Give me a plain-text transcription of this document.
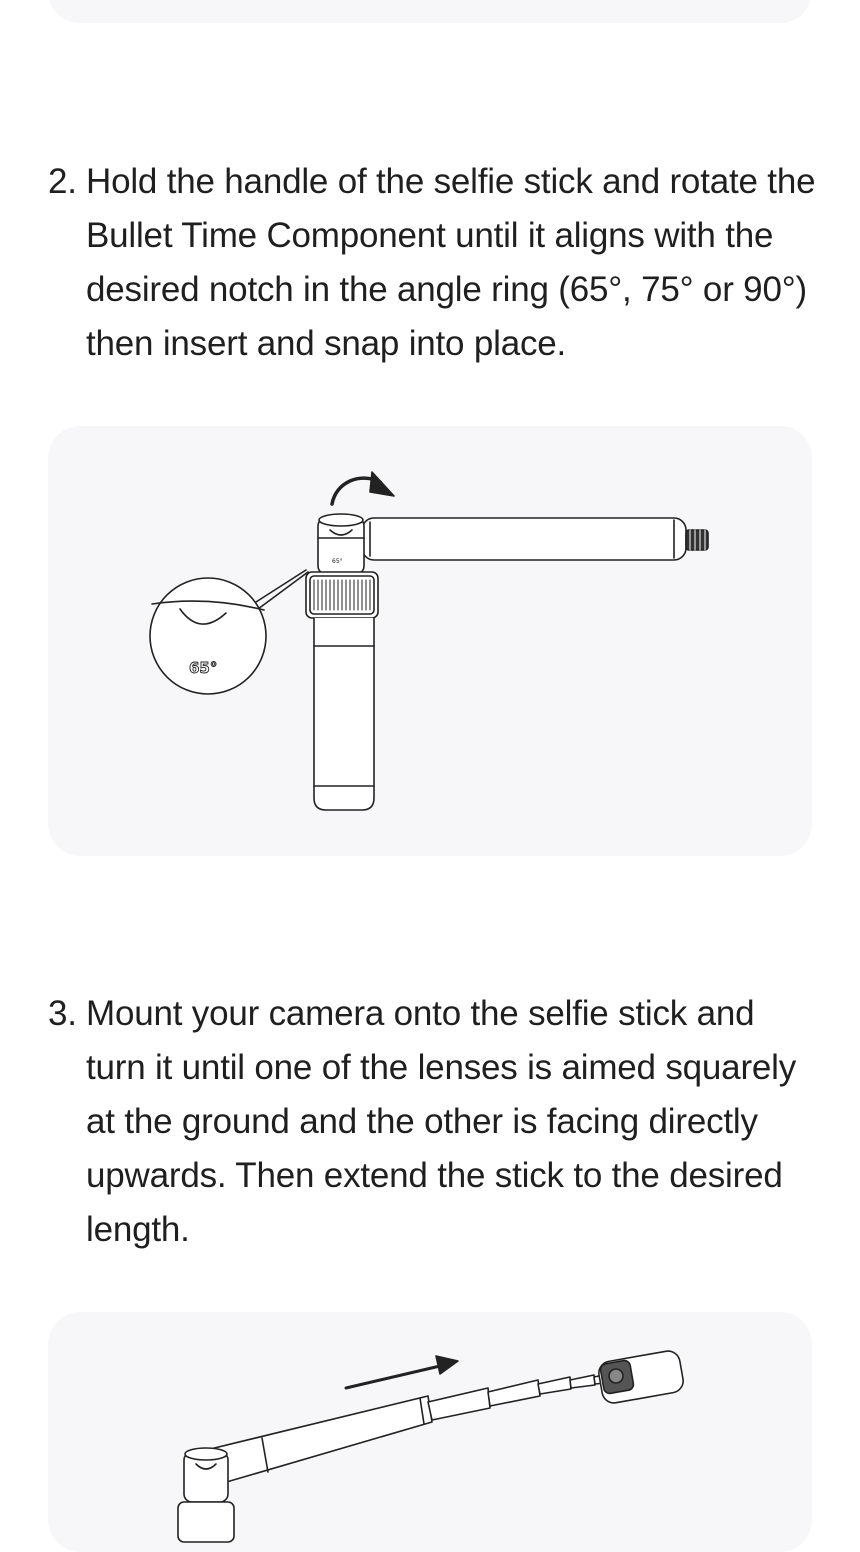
2. Hold the handle of the selfie stick and rotate the Bullet Time Component until it aligns with the desired notch in the angle ring (65°, 75° or 90°) then insert and snap into place.
65°
65°
3. Mount your camera onto the selfie stick and turn it until one of the lenses is aimed squarely at the ground and the other is facing directly upwards. Then extend the stick to the desired length.
